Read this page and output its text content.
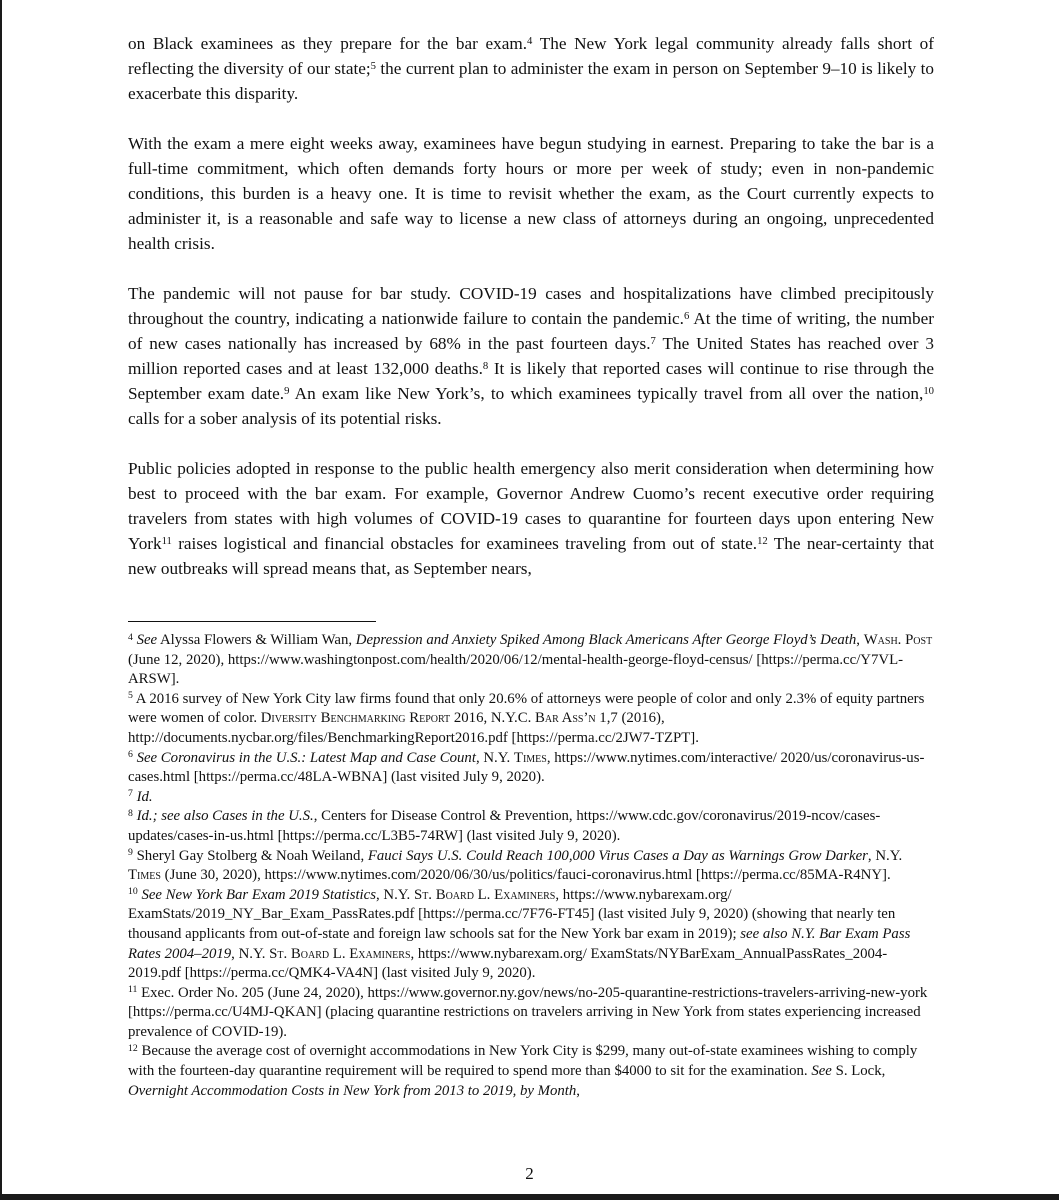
on Black examinees as they prepare for the bar exam.$^4$ The New York legal community already falls short of reflecting the diversity of our state;$^5$ the current plan to administer the exam in person on September 9–10 is likely to exacerbate this disparity.

With the exam a mere eight weeks away, examinees have begun studying in earnest. Preparing to take the bar is a full-time commitment, which often demands forty hours or more per week of study; even in non-pandemic conditions, this burden is a heavy one. It is time to revisit whether the exam, as the Court currently expects to administer it, is a reasonable and safe way to license a new class of attorneys during an ongoing, unprecedented health crisis.

The pandemic will not pause for bar study. COVID-19 cases and hospitalizations have climbed precipitously throughout the country, indicating a nationwide failure to contain the pandemic.$^6$ At the time of writing, the number of new cases nationally has increased by 68% in the past fourteen days.$^7$ The United States has reached over 3 million reported cases and at least 132,000 deaths.$^8$ It is likely that reported cases will continue to rise through the September exam date.$^9$ An exam like New York’s, to which examinees typically travel from all over the nation,$^{10}$ calls for a sober analysis of its potential risks.

Public policies adopted in response to the public health emergency also merit consideration when determining how best to proceed with the bar exam. For example, Governor Andrew Cuomo’s recent executive order requiring travelers from states with high volumes of COVID-19 cases to quarantine for fourteen days upon entering New York$^{11}$ raises logistical and financial obstacles for examinees traveling from out of state.$^{12}$ The near-certainty that new outbreaks will spread means that, as September nears,

$^4$ See Alyssa Flowers & William Wan, Depression and Anxiety Spiked Among Black Americans After George Floyd’s Death, Wash. Post (June 12, 2020), https://www.washingtonpost.com/health/2020/06/12/mental-health-george-floyd-census/ [https://perma.cc/Y7VL-ARSW].

$^5$ A 2016 survey of New York City law firms found that only 20.6% of attorneys were people of color and only 2.3% of equity partners were women of color. Diversity Benchmarking Report 2016, N.Y.C. Bar Ass’n 1,7 (2016), http://documents.nycbar.org/files/BenchmarkingReport2016.pdf [https://perma.cc/2JW7-TZPT].

$^6$ See Coronavirus in the U.S.: Latest Map and Case Count, N.Y. Times, https://www.nytimes.com/interactive/ 2020/us/coronavirus-us-cases.html [https://perma.cc/48LA-WBNA] (last visited July 9, 2020).

$^7$ Id.

$^8$ Id.; see also Cases in the U.S., Centers for Disease Control & Prevention, https://www.cdc.gov/coronavirus/2019-ncov/cases-updates/cases-in-us.html [https://perma.cc/L3B5-74RW] (last visited July 9, 2020).

$^9$ Sheryl Gay Stolberg & Noah Weiland, Fauci Says U.S. Could Reach 100,000 Virus Cases a Day as Warnings Grow Darker, N.Y. Times (June 30, 2020), https://www.nytimes.com/2020/06/30/us/politics/fauci-coronavirus.html [https://perma.cc/85MA-R4NY].

$^{10}$ See New York Bar Exam 2019 Statistics, N.Y. St. Board L. Examiners, https://www.nybarexam.org/ ExamStats/2019_NY_Bar_Exam_PassRates.pdf [https://perma.cc/7F76-FT45] (last visited July 9, 2020) (showing that nearly ten thousand applicants from out-of-state and foreign law schools sat for the New York bar exam in 2019); see also N.Y. Bar Exam Pass Rates 2004–2019, N.Y. St. Board L. Examiners, https://www.nybarexam.org/ ExamStats/NYBarExam_AnnualPassRates_2004-2019.pdf [https://perma.cc/QMK4-VA4N] (last visited July 9, 2020).

$^{11}$ Exec. Order No. 205 (June 24, 2020), https://www.governor.ny.gov/news/no-205-quarantine-restrictions-travelers-arriving-new-york [https://perma.cc/U4MJ-QKAN] (placing quarantine restrictions on travelers arriving in New York from states experiencing increased prevalence of COVID-19).

$^{12}$ Because the average cost of overnight accommodations in New York City is $299, many out-of-state examinees wishing to comply with the fourteen-day quarantine requirement will be required to spend more than $4000 to sit for the examination. See S. Lock, Overnight Accommodation Costs in New York from 2013 to 2019, by Month,

2
